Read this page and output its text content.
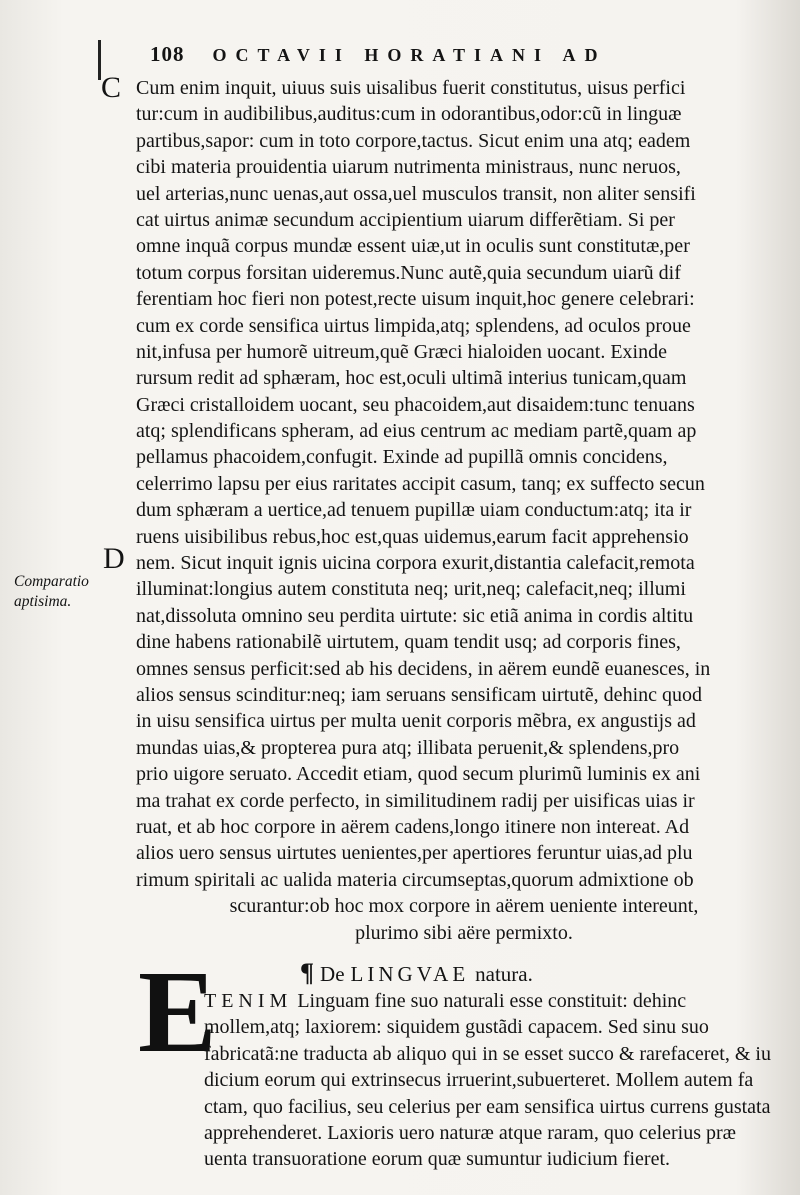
108 OCTAVII HORATIANI AD
C
D
Comparatio
aptisima.
Cum enim inquit, uiuus suis uisalibus fuerit constitutus, uisus perfici
tur:cum in audibilibus,auditus:cum in odorantibus,odor:cũ in linguæ
partibus,sapor: cum in toto corpore,tactus. Sicut enim una atq; eadem
cibi materia prouidentia uiarum nutrimenta ministraus, nunc neruos,
uel arterias,nunc uenas,aut ossa,uel musculos transit, non aliter sensifi
cat uirtus animæ secundum accipientium uiarum differẽtiam. Si per
omne inquã corpus mundæ essent uiæ,ut in oculis sunt constitutæ,per
totum corpus forsitan uideremus.Nunc autẽ,quia secundum uiarũ dif
ferentiam hoc fieri non potest,recte uisum inquit,hoc genere celebrari:
cum ex corde sensifica uirtus limpida,atq; splendens, ad oculos proue
nit,infusa per humorẽ uitreum,quẽ Græci hialoiden uocant. Exinde
rursum redit ad sphæram, hoc est,oculi ultimã interius tunicam,quam
Græci cristalloidem uocant, seu phacoidem,aut disaidem:tunc tenuans
atq; splendificans spheram, ad eius centrum ac mediam partẽ,quam ap
pellamus phacoidem,confugit. Exinde ad pupillã omnis concidens,
celerrimo lapsu per eius raritates accipit casum, tanq; ex suffecto secun
dum sphæram a uertice,ad tenuem pupillæ uiam conductum:atq; ita ir
ruens uisibilibus rebus,hoc est,quas uidemus,earum facit apprehensio
nem. Sicut inquit ignis uicina corpora exurit,distantia calefacit,remota
illuminat:longius autem constituta neq; urit,neq; calefacit,neq; illumi
nat,dissoluta omnino seu perdita uirtute: sic etiã anima in cordis altitu
dine habens rationabilẽ uirtutem, quam tendit usq; ad corporis fines,
omnes sensus perficit:sed ab his decidens, in aërem eundẽ euanesces, in
alios sensus scinditur:neq; iam seruans sensificam uirtutẽ, dehinc quod
in uisu sensifica uirtus per multa uenit corporis mẽbra, ex angustijs ad
mundas uias,& propterea pura atq; illibata peruenit,& splendens,pro
prio uigore seruato. Accedit etiam, quod secum plurimũ luminis ex ani
ma trahat ex corde perfecto, in similitudinem radij per uisificas uias ir
ruat, et ab hoc corpore in aërem cadens,longo itinere non intereat. Ad
alios uero sensus uirtutes uenientes,per apertiores feruntur uias,ad plu
rimum spiritali ac ualida materia circumseptas,quorum admixtione ob
scurantur:ob hoc mox corpore in aërem ueniente intereunt,
plurimo sibi aëre permixto.
¶ De LINGVAE natura.
E
TENIM Linguam fine suo naturali esse constituit: dehinc
mollem,atq; laxiorem: siquidem gustãdi capacem. Sed sinu suo
fabricatã:ne traducta ab aliquo qui in se esset succo & rarefaceret, & iu
dicium eorum qui extrinsecus irruerint,subuerteret. Mollem autem fa
ctam, quo facilius, seu celerius per eam sensifica uirtus currens gustata
apprehenderet. Laxioris uero naturæ atque raram, quo celerius præ
uenta transuoratione eorum quæ sumuntur iudicium fieret.
